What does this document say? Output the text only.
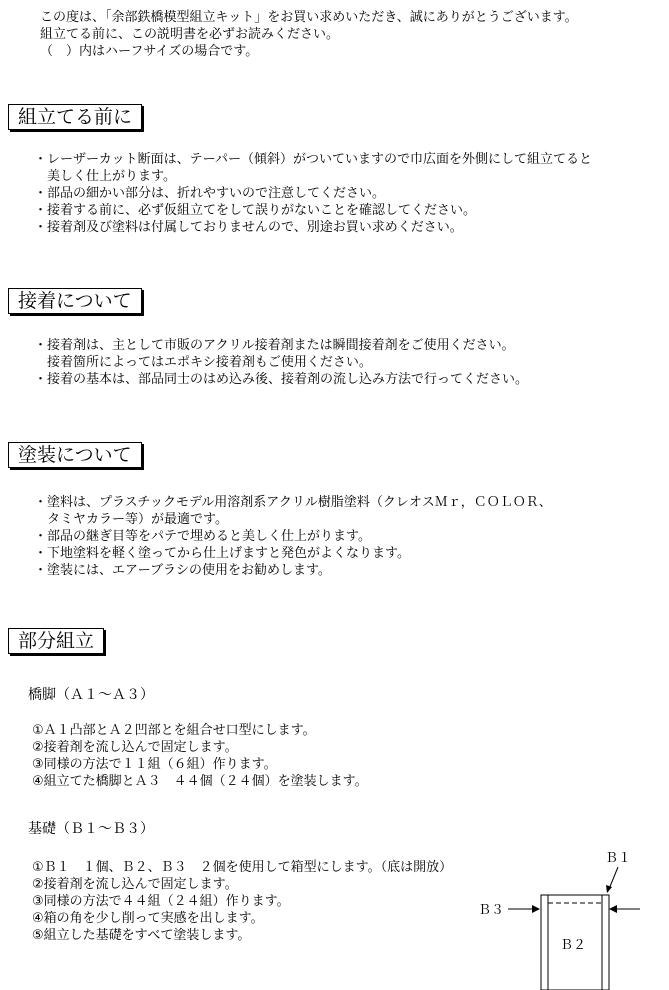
この度は、「余部鉄橋模型組立キット」をお買い求めいただき、誠にありがとうございます。
組立てる前に、この説明書を必ずお読みください。
（　）内はハーフサイズの場合です。
組立てる前に
・レーザーカット断面は、テーパー（傾斜）がついていますので巾広面を外側にして組立てると
　美しく仕上がります。
・部品の細かい部分は、折れやすいので注意してください。
・接着する前に、必ず仮組立てをして誤りがないことを確認してください。
・接着剤及び塗料は付属しておりませんので、別途お買い求めください。
接着について
・接着剤は、主として市販のアクリル接着剤または瞬間接着剤をご使用ください。
　接着箇所によってはエポキシ接着剤もご使用ください。
・接着の基本は、部品同士のはめ込み後、接着剤の流し込み方法で行ってください。
塗装について
・塗料は、プラスチックモデル用溶剤系アクリル樹脂塗料（クレオスＭｒ，ＣＯＬＯＲ、
　タミヤカラー等）が最適です。
・部品の継ぎ目等をパテで埋めると美しく仕上がります。
・下地塗料を軽く塗ってから仕上げますと発色がよくなります。
・塗装には、エアーブラシの使用をお勧めします。
部分組立
橋脚（Ａ１～Ａ３）
①Ａ１凸部とＡ２凹部とを組合せ口型にします。
②接着剤を流し込んで固定します。
③同様の方法で１１組（６組）作ります。
④組立てた橋脚とＡ３　４４個（２４個）を塗装します。
基礎（Ｂ１～Ｂ３）
①Ｂ１　１個、Ｂ２、Ｂ３　２個を使用して箱型にします。（底は開放）
②接着剤を流し込んで固定します。
③同様の方法で４４組（２４組）作ります。
④箱の角を少し削って実感を出します。
⑤組立した基礎をすべて塗装します。
Ｂ１
Ｂ３
Ｂ２
